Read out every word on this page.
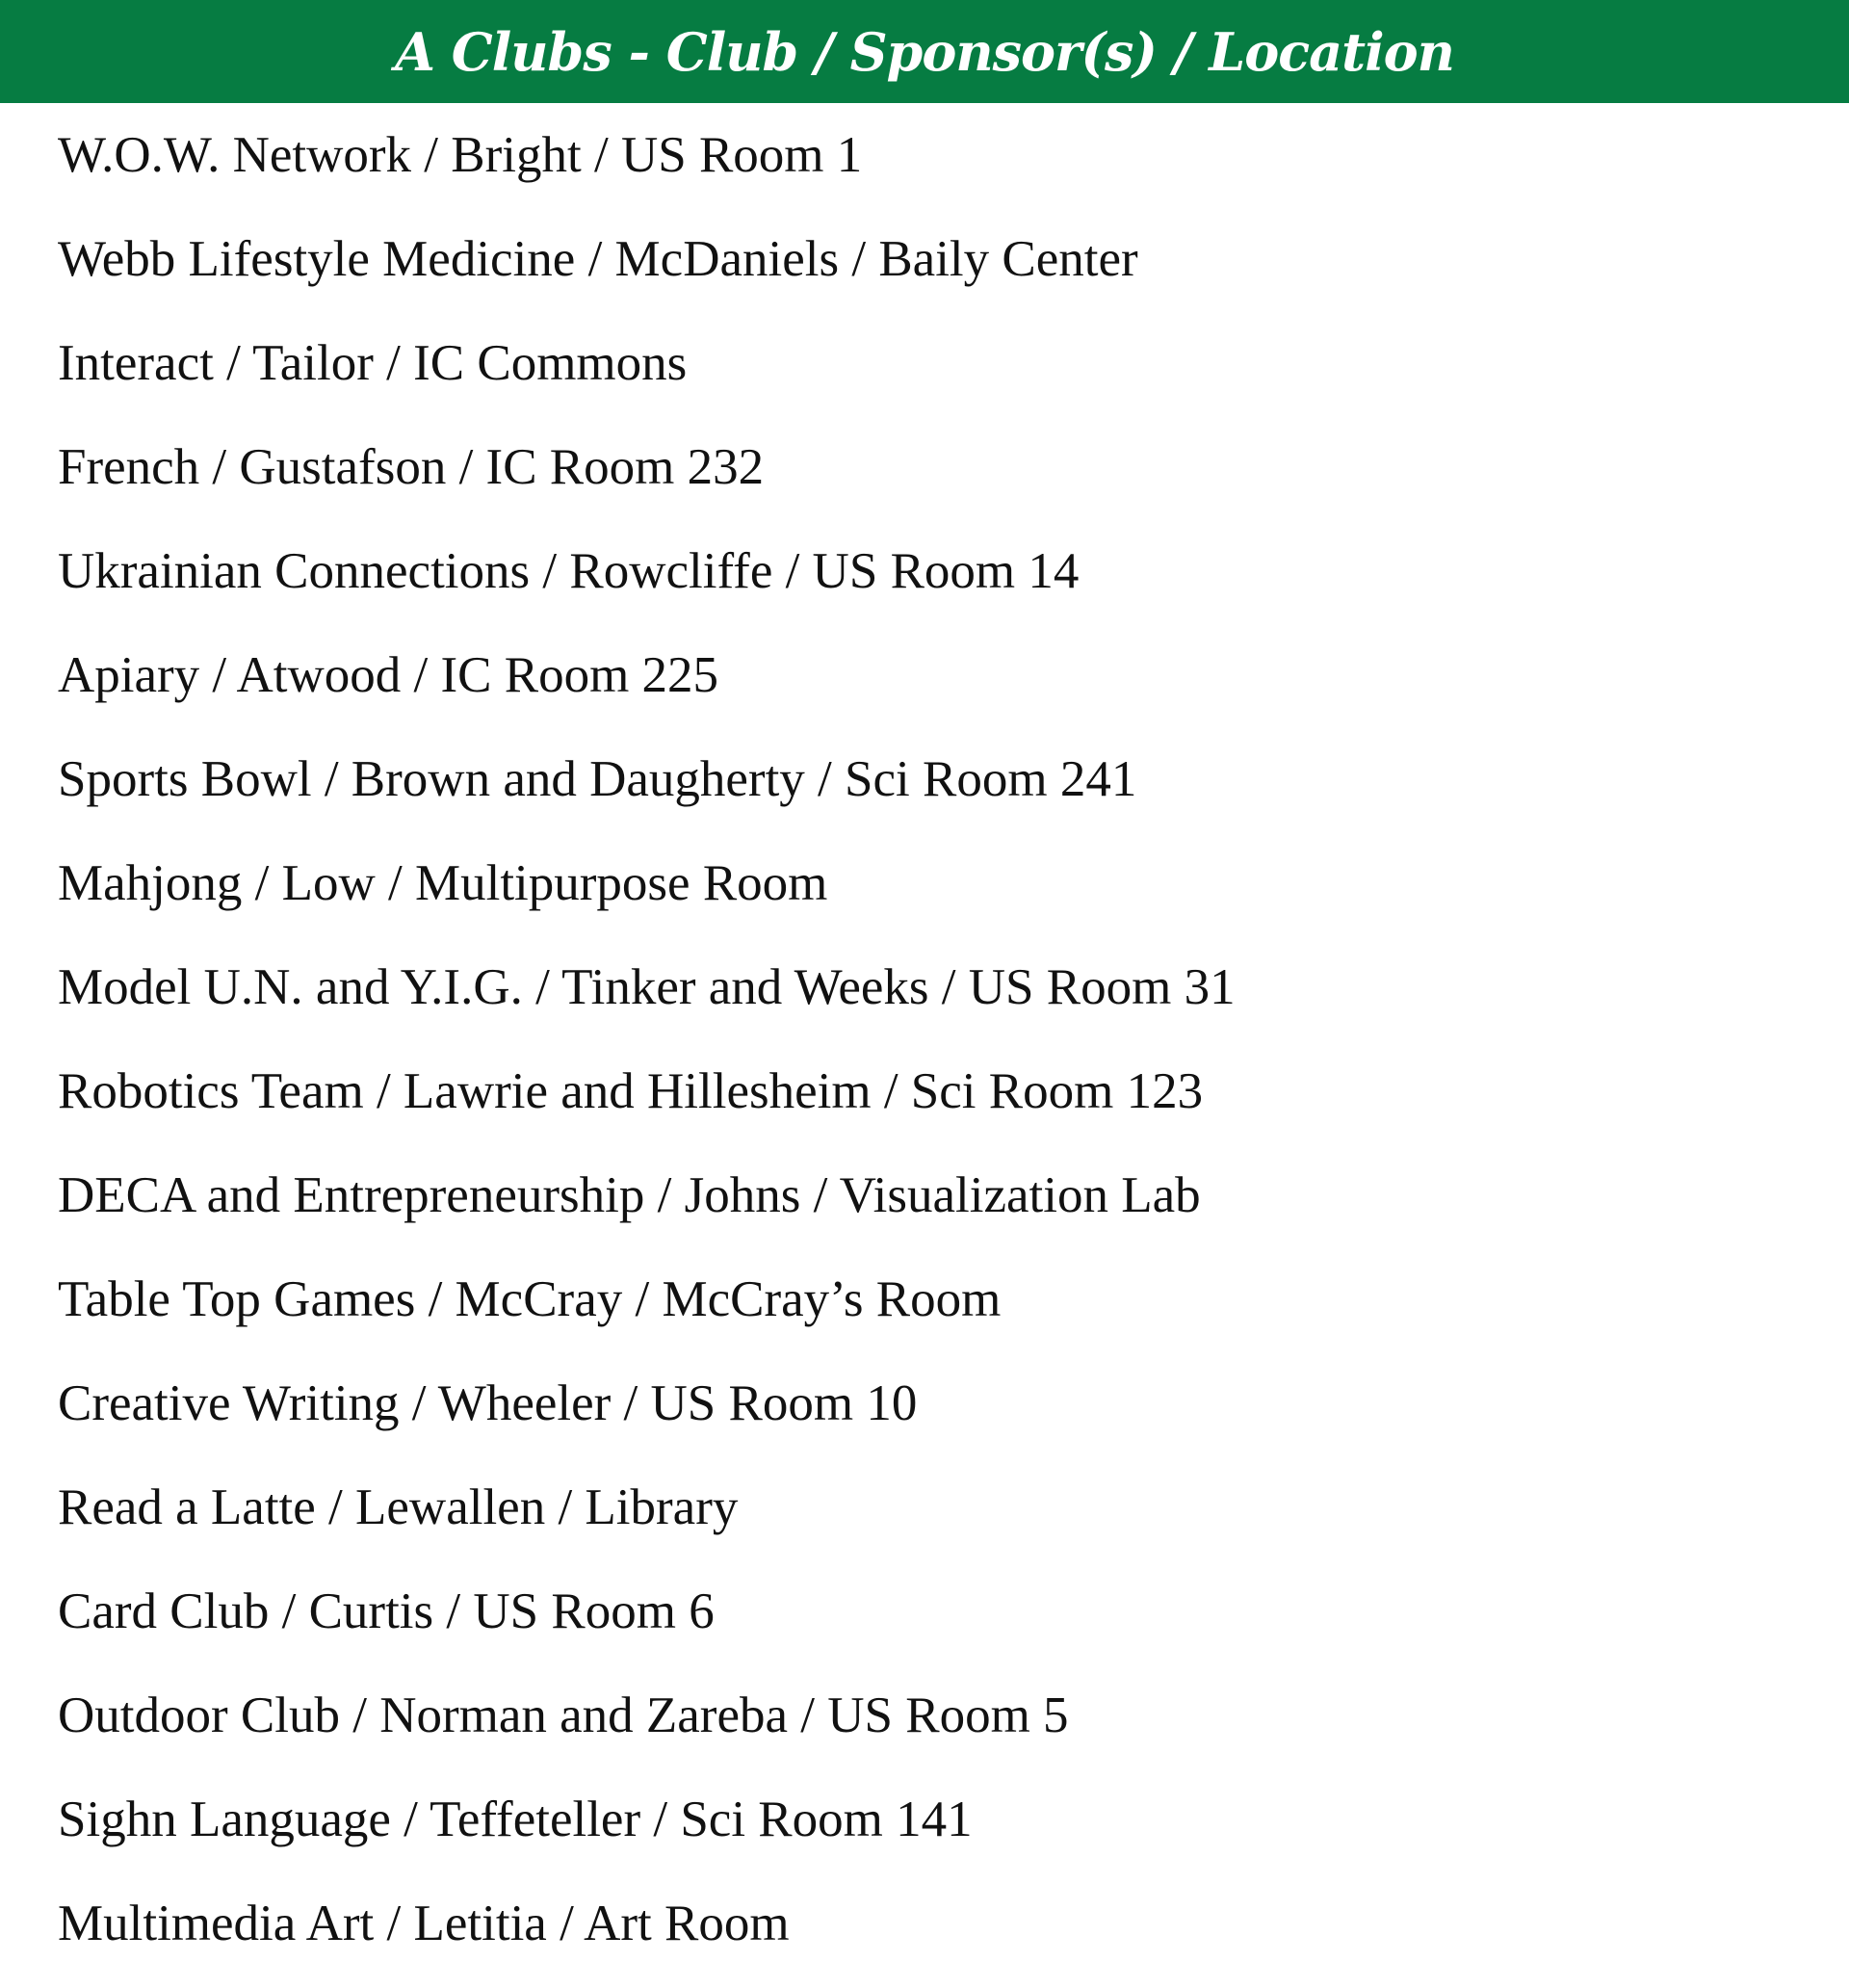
A Clubs - Club / Sponsor(s) / Location
W.O.W. Network / Bright / US Room 1
Webb Lifestyle Medicine / McDaniels / Baily Center
Interact / Tailor / IC Commons
French / Gustafson / IC Room 232
Ukrainian Connections / Rowcliffe / US Room 14
Apiary / Atwood / IC Room 225
Sports Bowl / Brown and Daugherty / Sci Room 241
Mahjong / Low / Multipurpose Room
Model U.N. and Y.I.G. / Tinker and Weeks / US Room 31
Robotics Team / Lawrie and Hillesheim / Sci Room 123
DECA and Entrepreneurship / Johns / Visualization Lab
Table Top Games / McCray / McCray’s Room
Creative Writing / Wheeler / US Room 10
Read a Latte / Lewallen / Library
Card Club / Curtis / US Room 6
Outdoor Club / Norman and Zareba / US Room 5
Sighn Language / Teffeteller / Sci Room 141
Multimedia Art / Letitia / Art Room
